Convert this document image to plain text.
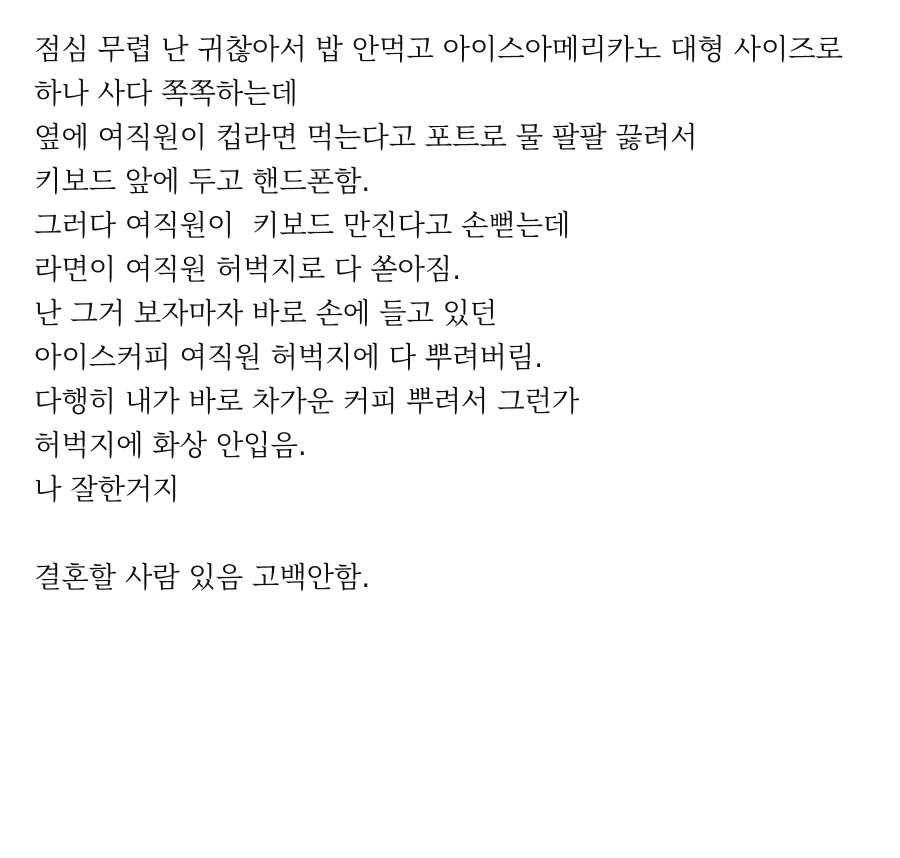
점심 무렵 난 귀찮아서 밥 안먹고 아이스아메리카노 대형 사이즈로

하나 사다 쪽쪽하는데

옆에 여직원이 컵라면 먹는다고 포트로 물 팔팔 끓려서

키보드 앞에 두고 핸드폰함.

그러다 여직원이  키보드 만진다고 손뻗는데

라면이 여직원 허벅지로 다 쏟아짐.

난 그거 보자마자 바로 손에 들고 있던

아이스커피 여직원 허벅지에 다 뿌려버림.

다행히 내가 바로 차가운 커피 뿌려서 그런가

허벅지에 화상 안입음.

나 잘한거지

결혼할 사람 있음 고백안함.
